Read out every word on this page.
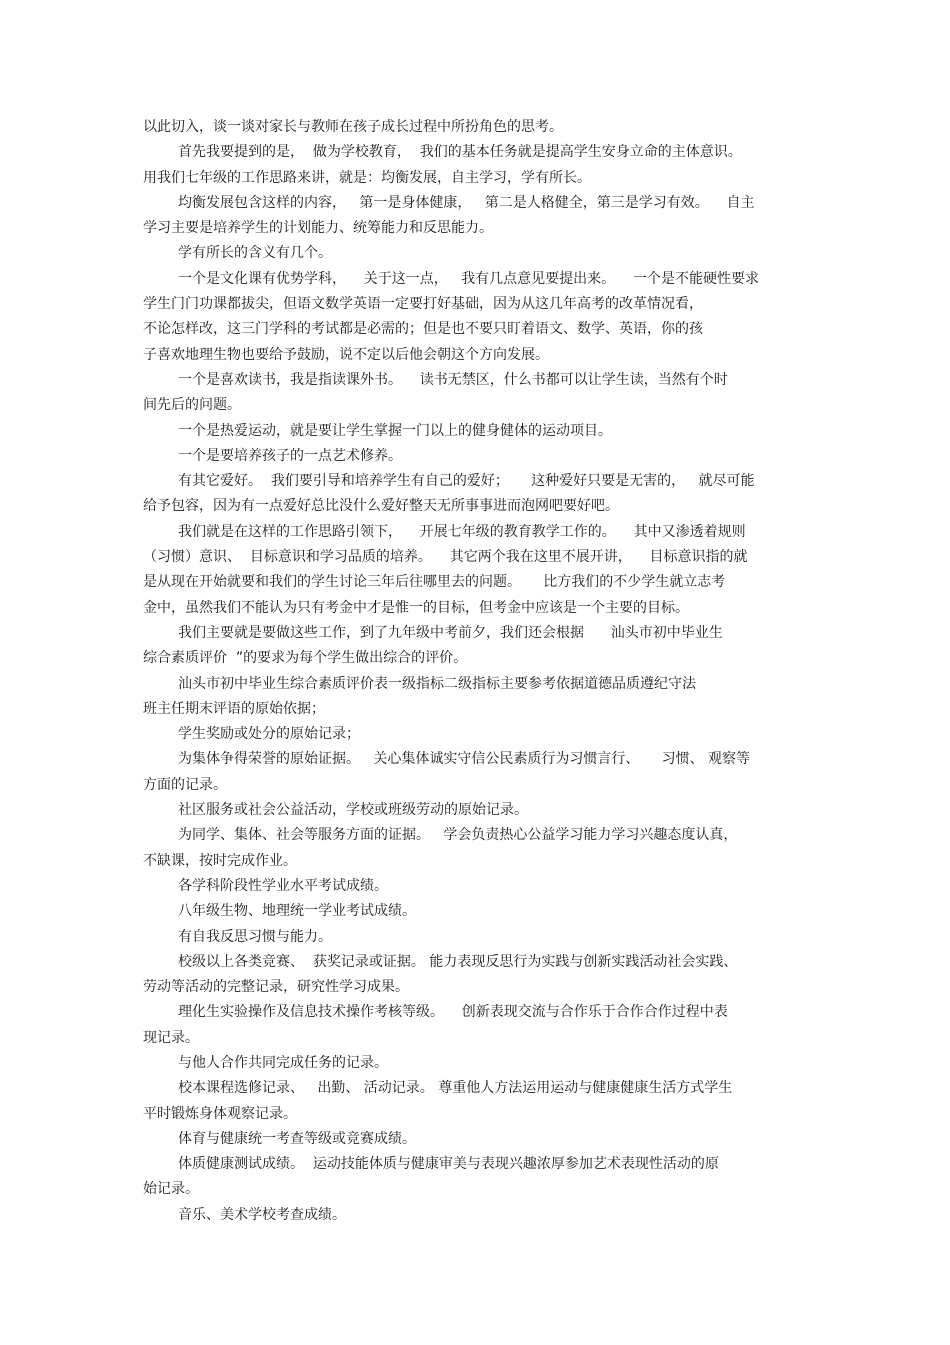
以此切入，谈一谈对家长与教师在孩子成长过程中所扮角色的思考。
首先我要提到的是，  做为学校教育，  我们的基本任务就是提高学生安身立命的主体意识。
用我们七年级的工作思路来讲，就是：均衡发展，自主学习，学有所长。
均衡发展包含这样的内容，   第一是身体健康，   第二是人格健全，第三是学习有效。    自主
学习主要是培养学生的计划能力、统筹能力和反思能力。
学有所长的含义有几个。
一个是文化课有优势学科，    关于这一点，   我有几点意见要提出来。    一个是不能硬性要求
学生门门功课都拔尖，但语文数学英语一定要打好基础，因为从这几年高考的改革情况看，
不论怎样改，这三门学科的考试都是必需的；但是也不要只盯着语文、数学、英语，你的孩
子喜欢地理生物也要给予鼓励，说不定以后他会朝这个方向发展。
一个是喜欢读书，我是指读课外书。    读书无禁区，什么书都可以让学生读，当然有个时
间先后的问题。
一个是热爱运动，就是要让学生掌握一门以上的健身健体的运动项目。
一个是要培养孩子的一点艺术修养。
有其它爱好。  我们要引导和培养学生有自己的爱好；     这种爱好只要是无害的，   就尽可能
给予包容，因为有一点爱好总比没什么爱好整天无所事事进而泡网吧要好吧。
我们就是在这样的工作思路引领下，    开展七年级的教育教学工作的。    其中又渗透着规则
（习惯）意识、  目标意识和学习品质的培养。    其它两个我在这里不展开讲，    目标意识指的就
是从现在开始就要和我们的学生讨论三年后往哪里去的问题。     比方我们的不少学生就立志考
金中，虽然我们不能认为只有考金中才是惟一的目标，但考金中应该是一个主要的目标。
我们主要就是要做这些工作，到了九年级中考前夕，我们还会根据      汕头市初中毕业生
综合素质评价  ”的要求为每个学生做出综合的评价。
汕头市初中毕业生综合素质评价表一级指标二级指标主要参考依据道德品质遵纪守法
班主任期末评语的原始依据；
学生奖励或处分的原始记录；
为集体争得荣誉的原始证据。   关心集体诚实守信公民素质行为习惯言行、     习惯、 观察等
方面的记录。
社区服务或社会公益活动，学校或班级劳动的原始记录。
为同学、集体、社会等服务方面的证据。   学会负责热心公益学习能力学习兴趣态度认真，
不缺课，按时完成作业。
各学科阶段性学业水平考试成绩。
八年级生物、地理统一学业考试成绩。
有自我反思习惯与能力。
校级以上各类竞赛、  获奖记录或证据。 能力表现反思行为实践与创新实践活动社会实践、
劳动等活动的完整记录，研究性学习成果。
理化生实验操作及信息技术操作考核等级。    创新表现交流与合作乐于合作合作过程中表
现记录。
与他人合作共同完成任务的记录。
校本课程选修记录、   出勤、 活动记录。 尊重他人方法运用运动与健康健康生活方式学生
平时锻炼身体观察记录。
体育与健康统一考查等级或竞赛成绩。
体质健康测试成绩。  运动技能体质与健康审美与表现兴趣浓厚参加艺术表现性活动的原
始记录。
音乐、美术学校考查成绩。
